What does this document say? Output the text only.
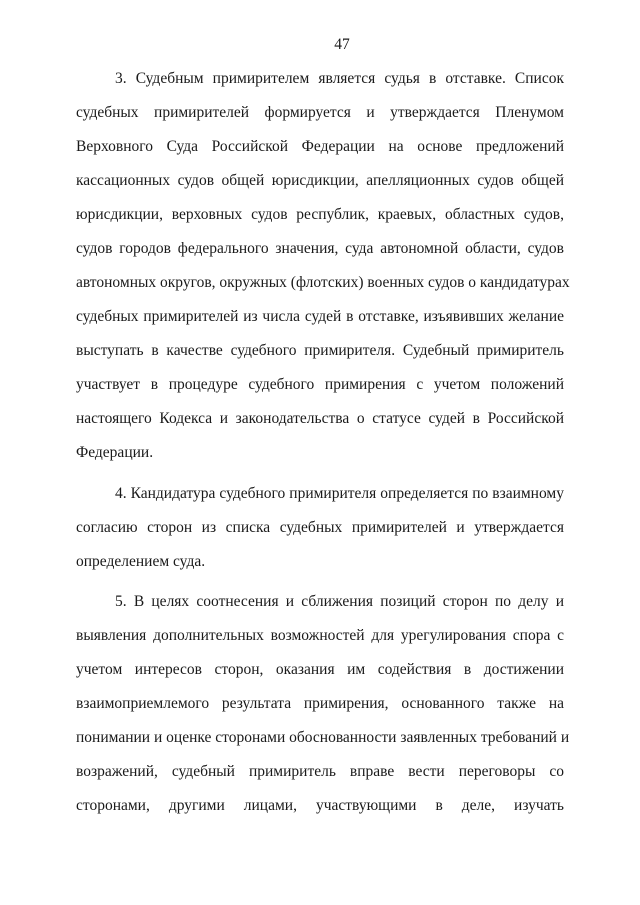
47
3. Судебным примирителем является судья в отставке. Список
судебных примирителей формируется и утверждается Пленумом
Верховного Суда Российской Федерации на основе предложений
кассационных судов общей юрисдикции, апелляционных судов общей
юрисдикции, верховных судов республик, краевых, областных судов,
судов городов федерального значения, суда автономной области, судов
автономных округов, окружных (флотских) военных судов о кандидатурах
судебных примирителей из числа судей в отставке, изъявивших желание
выступать в качестве судебного примирителя. Судебный примиритель
участвует в процедуре судебного примирения с учетом положений
настоящего Кодекса и законодательства о статусе судей в Российской
Федерации.
4. Кандидатура судебного примирителя определяется по взаимному
согласию сторон из списка судебных примирителей и утверждается
определением суда.
5. В целях соотнесения и сближения позиций сторон по делу и
выявления дополнительных возможностей для урегулирования спора с
учетом интересов сторон, оказания им содействия в достижении
взаимоприемлемого результата примирения, основанного также на
понимании и оценке сторонами обоснованности заявленных требований и
возражений, судебный примиритель вправе вести переговоры со
сторонами, другими лицами, участвующими в деле, изучать
